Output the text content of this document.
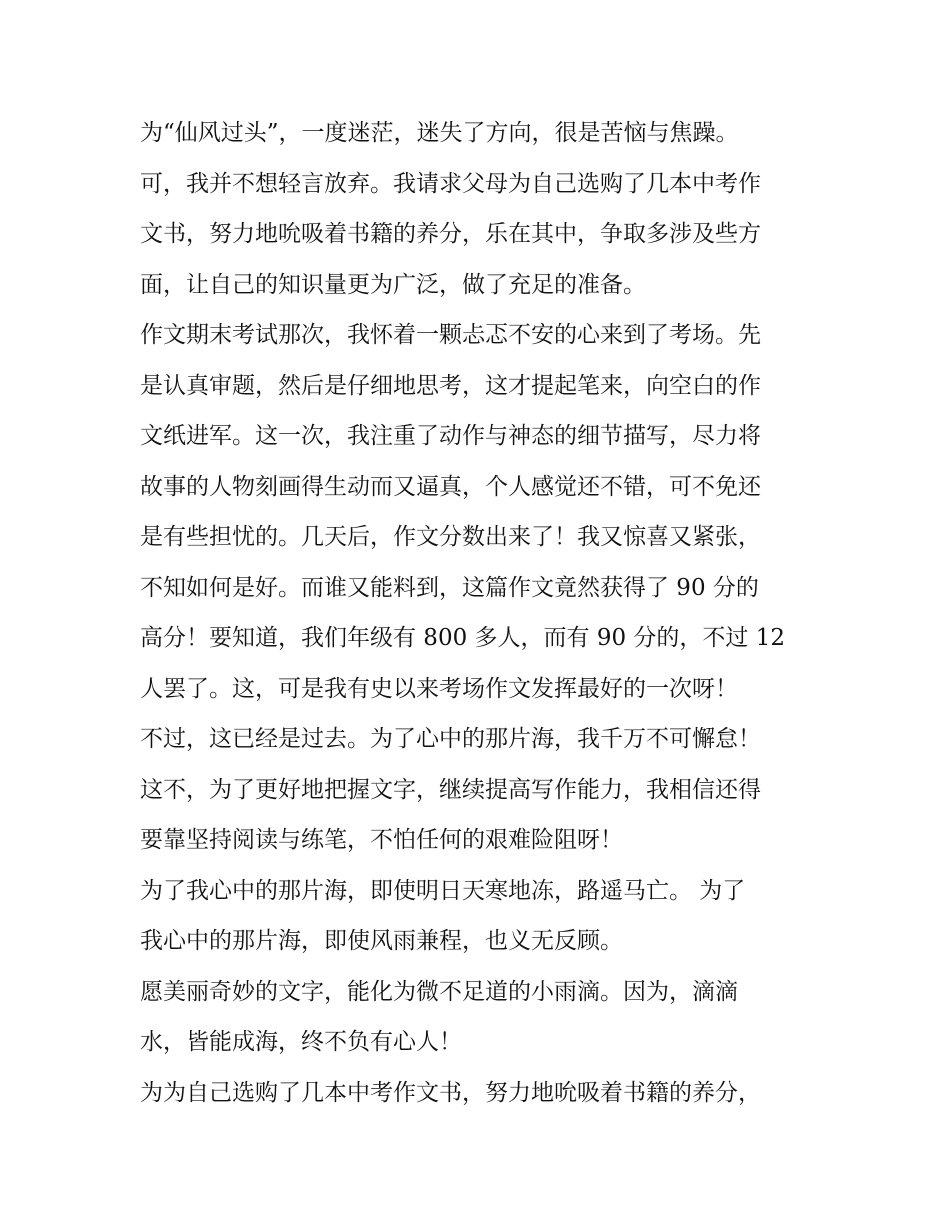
为“仙风过头”，一度迷茫，迷失了方向，很是苦恼与焦躁。
可，我并不想轻言放弃。我请求父母为自己选购了几本中考作
文书，努力地吮吸着书籍的养分，乐在其中，争取多涉及些方
面，让自己的知识量更为广泛，做了充足的准备。
作文期末考试那次，我怀着一颗忐忑不安的心来到了考场。先
是认真审题，然后是仔细地思考，这才提起笔来，向空白的作
文纸进军。这一次，我注重了动作与神态的细节描写，尽力将
故事的人物刻画得生动而又逼真，个人感觉还不错，可不免还
是有些担忧的。几天后，作文分数出来了！我又惊喜又紧张，
不知如何是好。而谁又能料到，这篇作文竟然获得了 90 分的
高分！要知道，我们年级有 800 多人，而有 90 分的，不过 12
人罢了。这，可是我有史以来考场作文发挥最好的一次呀！
不过，这已经是过去。为了心中的那片海，我千万不可懈怠！
这不，为了更好地把握文字，继续提高写作能力，我相信还得
要靠坚持阅读与练笔，不怕任何的艰难险阻呀！
为了我心中的那片海，即使明日天寒地冻，路遥马亡。 为了
我心中的那片海，即使风雨兼程，也义无反顾。
愿美丽奇妙的文字，能化为微不足道的小雨滴。因为，滴滴
水，皆能成海，终不负有心人！
为为自己选购了几本中考作文书，努力地吮吸着书籍的养分，
